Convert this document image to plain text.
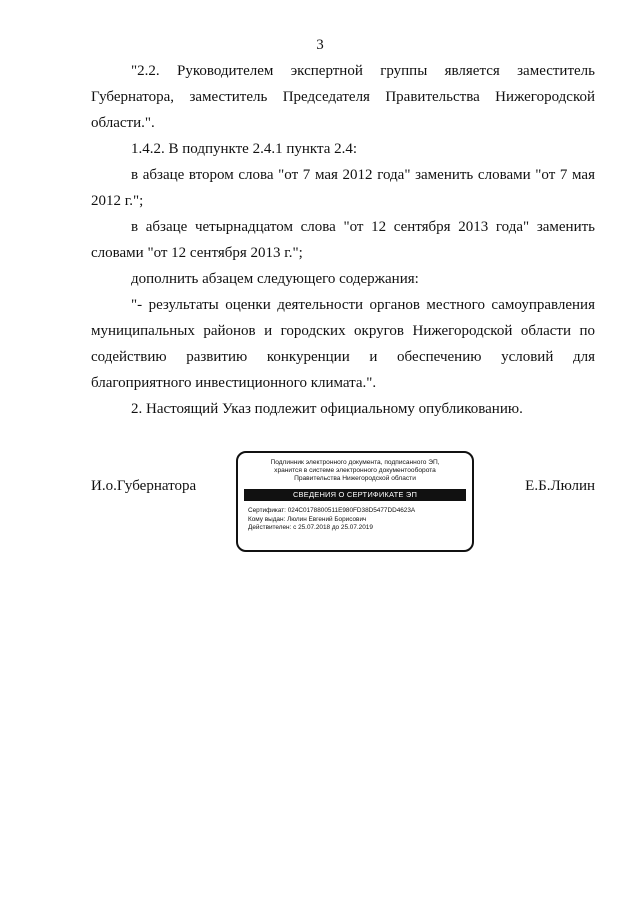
3

"2.2. Руководителем экспертной группы является заместитель Губернатора, заместитель Председателя Правительства Нижегородской области.".

1.4.2. В подпункте 2.4.1 пункта 2.4:

в абзаце втором слова "от 7 мая 2012 года" заменить словами "от 7 мая 2012 г.";

в абзаце четырнадцатом слова "от 12 сентября 2013 года" заменить словами "от 12 сентября 2013 г.";

дополнить абзацем следующего содержания:

"- результаты оценки деятельности органов местного самоуправления муниципальных районов и городских округов Нижегородской области по содействию развитию конкуренции и обеспечению условий для благоприятного инвестиционного климата.".

2. Настоящий Указ подлежит официальному опубликованию.

И.о.Губернатора
Подлинник электронного документа, подписанного ЭП,
хранится в системе электронного документооборота
Правительства Нижегородской области
СВЕДЕНИЯ О СЕРТИФИКАТЕ ЭП
Сертификат: 024C0178800511E980FD38D5477DD4623A
Кому выдан: Люлин Евгений Борисович
Действителен: с 25.07.2018 до 25.07.2019
Е.Б.Люлин
